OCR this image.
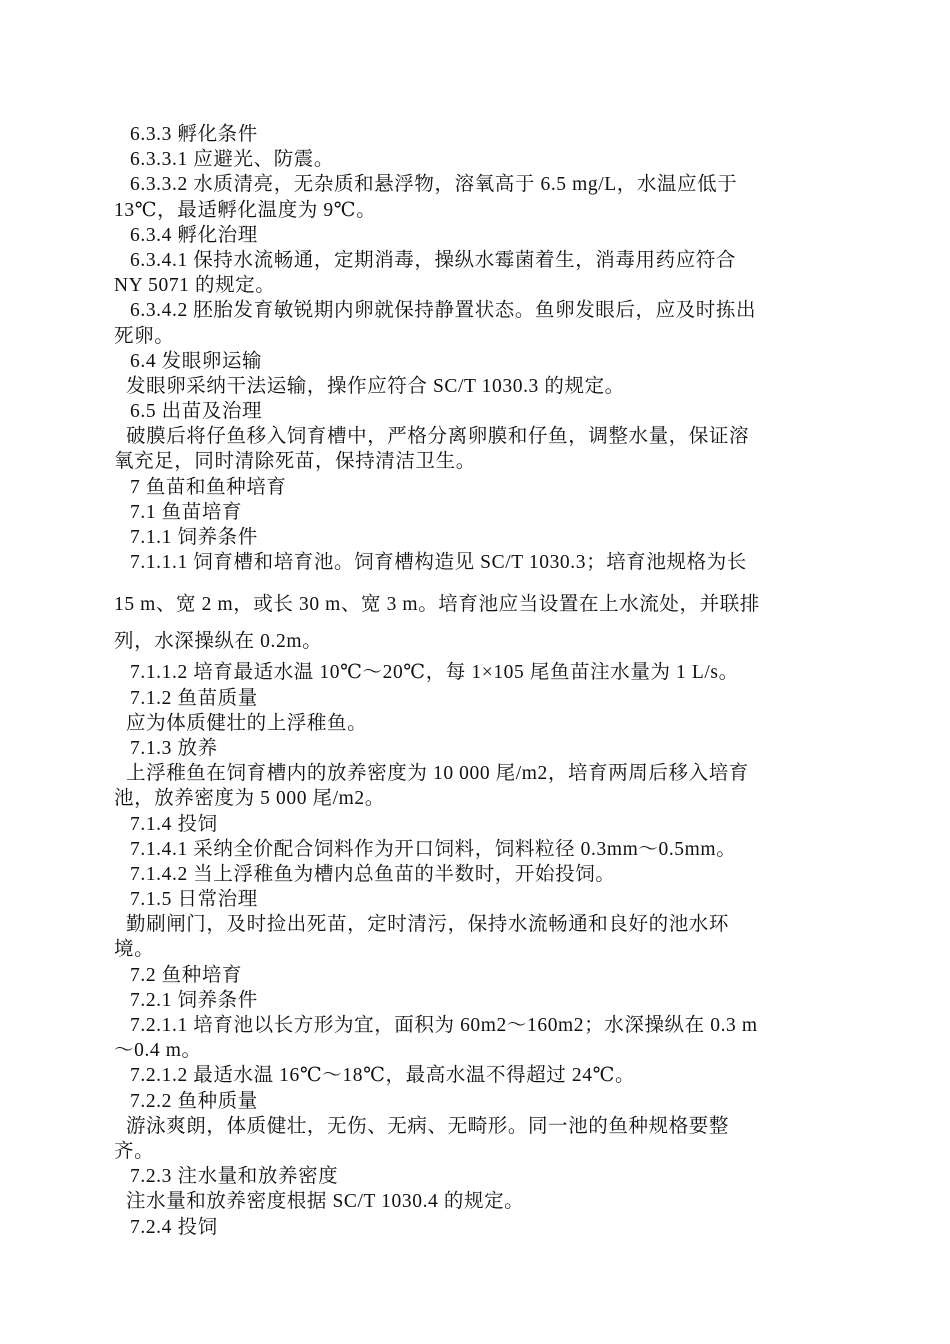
6.3.3 孵化条件
6.3.3.1 应避光、防震。
6.3.3.2 水质清亮，无杂质和悬浮物，溶氧高于 6.5 mg/L，水温应低于
13℃，最适孵化温度为 9℃。
6.3.4 孵化治理
6.3.4.1 保持水流畅通，定期消毒，操纵水霉菌着生，消毒用药应符合
NY 5071 的规定。
6.3.4.2 胚胎发育敏锐期内卵就保持静置状态。鱼卵发眼后，应及时拣出
死卵。
6.4 发眼卵运输
发眼卵采纳干法运输，操作应符合 SC/T 1030.3 的规定。
6.5 出苗及治理
破膜后将仔鱼移入饲育槽中，严格分离卵膜和仔鱼，调整水量，保证溶
氧充足，同时清除死苗，保持清洁卫生。
7 鱼苗和鱼种培育
7.1 鱼苗培育
7.1.1 饲养条件
7.1.1.1 饲育槽和培育池。饲育槽构造见 SC/T 1030.3；培育池规格为长
15 m、宽 2 m，或长 30 m、宽 3 m。培育池应当设置在上水流处，并联排
列，水深操纵在 0.2m。
7.1.1.2 培育最适水温 10℃～20℃，每 1×105 尾鱼苗注水量为 1 L/s。
7.1.2 鱼苗质量
应为体质健壮的上浮稚鱼。
7.1.3 放养
上浮稚鱼在饲育槽内的放养密度为 10 000 尾/m2，培育两周后移入培育
池，放养密度为 5 000 尾/m2。
7.1.4 投饲
7.1.4.1 采纳全价配合饲料作为开口饲料，饲料粒径 0.3mm～0.5mm。
7.1.4.2 当上浮稚鱼为槽内总鱼苗的半数时，开始投饲。
7.1.5 日常治理
勤刷闸门，及时捡出死苗，定时清污，保持水流畅通和良好的池水环
境。
7.2 鱼种培育
7.2.1 饲养条件
7.2.1.1 培育池以长方形为宜，面积为 60m2～160m2；水深操纵在 0.3 m
～0.4 m。
7.2.1.2 最适水温 16℃～18℃，最高水温不得超过 24℃。
7.2.2 鱼种质量
游泳爽朗，体质健壮，无伤、无病、无畸形。同一池的鱼种规格要整
齐。
7.2.3 注水量和放养密度
注水量和放养密度根据 SC/T 1030.4 的规定。
7.2.4 投饲
